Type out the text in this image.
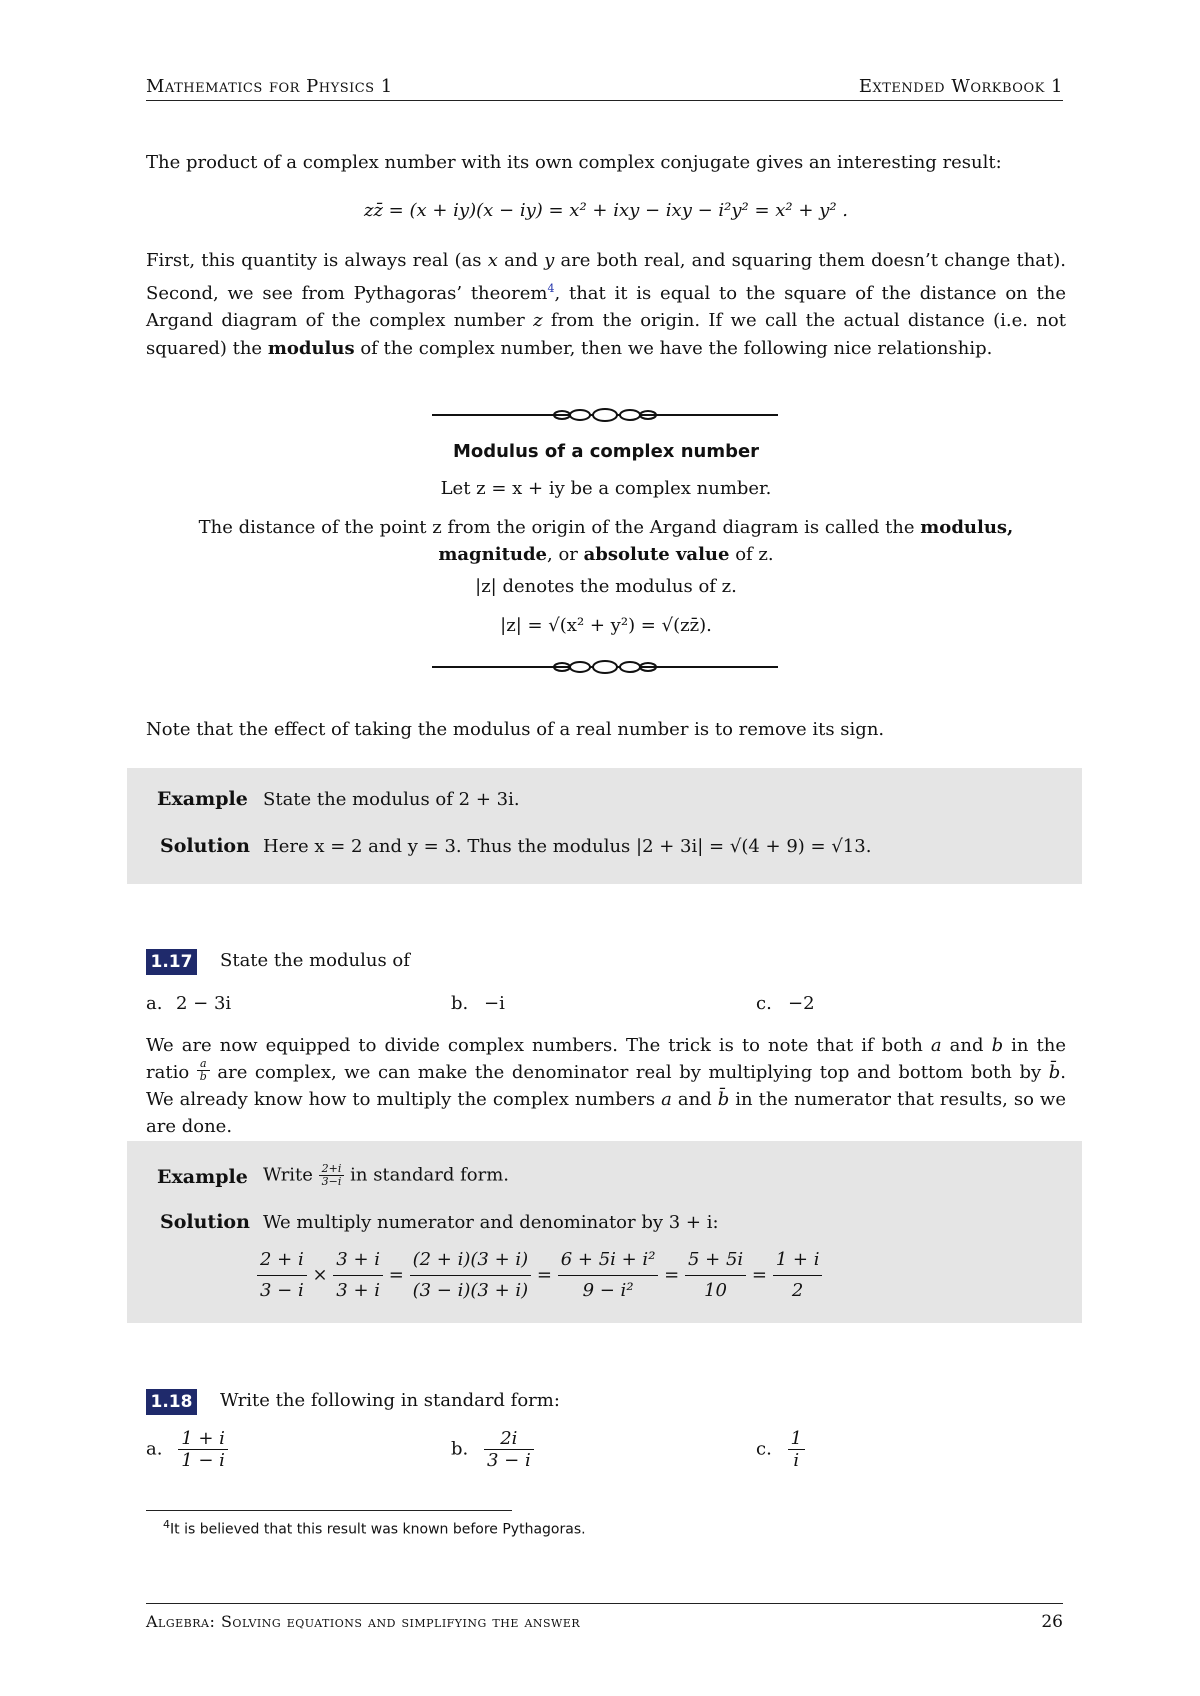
Mathematics for Physics 1	Extended Workbook 1
The product of a complex number with its own complex conjugate gives an interesting result:
zz̄ = (x + iy)(x − iy) = x² + ixy − ixy − i²y² = x² + y² .
First, this quantity is always real (as x and y are both real, and squaring them doesn’t change that). Second, we see from Pythagoras’ theorem$^4$, that it is equal to the square of the distance on the Argand diagram of the complex number z from the origin. If we call the actual distance (i.e. not squared) the modulus of the complex number, then we have the following nice relationship.
Modulus of a complex number
Let z = x + iy be a complex number.
The distance of the point z from the origin of the Argand diagram is called the modulus,
magnitude, or absolute value of z.
|z| denotes the modulus of z.
|z| = √(x² + y²) = √(zz̄).
Note that the effect of taking the modulus of a real number is to remove its sign.
Example State the modulus of 2 + 3i.
Solution Here x = 2 and y = 3. Thus the modulus |2 + 3i| = √(4 + 9) = √13.
1.17 State the modulus of
a. 2 − 3i	b. −i	c. −2
We are now equipped to divide complex numbers. The trick is to note that if both a and b in the ratio $\frac{a}{b}$ are complex, we can make the denominator real by multiplying top and bottom both by b̄. We already know how to multiply the complex numbers a and b̄ in the numerator that results, so we are done.
Example Write $\frac{2+i}{3-i}$ in standard form.
Solution We multiply numerator and denominator by 3 + i:
$\frac{2 + i}{3 - i} \times \frac{3 + i}{3 + i} = \frac{(2 + i)(3 + i)}{(3 - i)(3 + i)} = \frac{\text{6 + 5i + i²}}{\text{9 − i²}} = \frac{5 + 5i}{10} = \frac{1 + i}{2}$
1.18 Write the following in standard form:
a. $\frac{1 + i}{1 - i}$	b. $\frac{2i}{3 - i}$	c. $\frac{1}{i}$
$^4$It is believed that this result was known before Pythagoras.
Algebra: Solving equations and simplifying the answer	26
